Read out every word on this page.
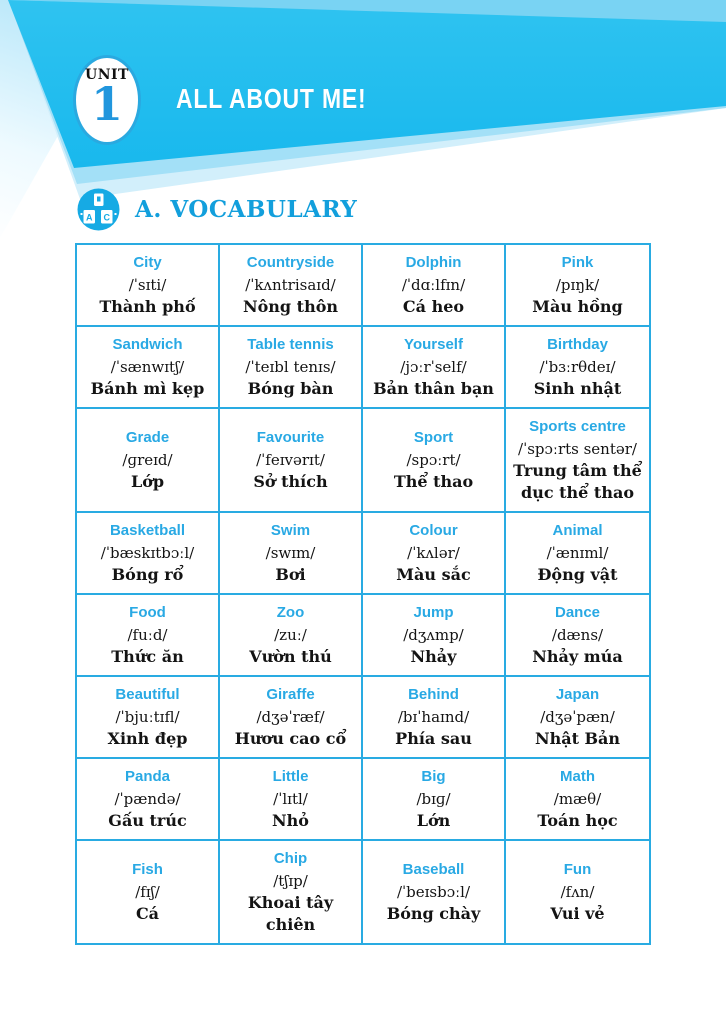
UNIT
1 ALL ABOUT ME!
A C A. VOCABULARY
City
/ˈsɪti/
Thành phố
Countryside
/ˈkʌntrisaɪd/
Nông thôn
Dolphin
/ˈdɑːlfɪn/
Cá heo
Pink
/pɪŋk/
Màu hồng
Sandwich
/ˈsænwɪtʃ/
Bánh mì kẹp
Table tennis
/ˈteɪbl tenɪs/
Bóng bàn
Yourself
/jɔːrˈself/
Bản thân bạn
Birthday
/ˈbɜːrθdeɪ/
Sinh nhật
Grade
/ɡreɪd/
Lớp
Favourite
/ˈfeɪvərɪt/
Sở thích
Sport
/spɔːrt/
Thể thao
Sports centre
/ˈspɔːrts sentər/
Trung tâm thể dục thể thao
Basketball
/ˈbæskɪtbɔːl/
Bóng rổ
Swim
/swɪm/
Bơi
Colour
/ˈkʌlər/
Màu sắc
Animal
/ˈænɪml/
Động vật
Food
/fuːd/
Thức ăn
Zoo
/zuː/
Vườn thú
Jump
/dʒʌmp/
Nhảy
Dance
/dæns/
Nhảy múa
Beautiful
/ˈbjuːtɪfl/
Xinh đẹp
Giraffe
/dʒəˈræf/
Hươu cao cổ
Behind
/bɪˈhaɪnd/
Phía sau
Japan
/dʒəˈpæn/
Nhật Bản
Panda
/ˈpændə/
Gấu trúc
Little
/ˈlɪtl/
Nhỏ
Big
/bɪɡ/
Lớn
Math
/mæθ/
Toán học
Fish
/fɪʃ/
Cá
Chip
/tʃɪp/
Khoai tây chiên
Baseball
/ˈbeɪsbɔːl/
Bóng chày
Fun
/fʌn/
Vui vẻ
